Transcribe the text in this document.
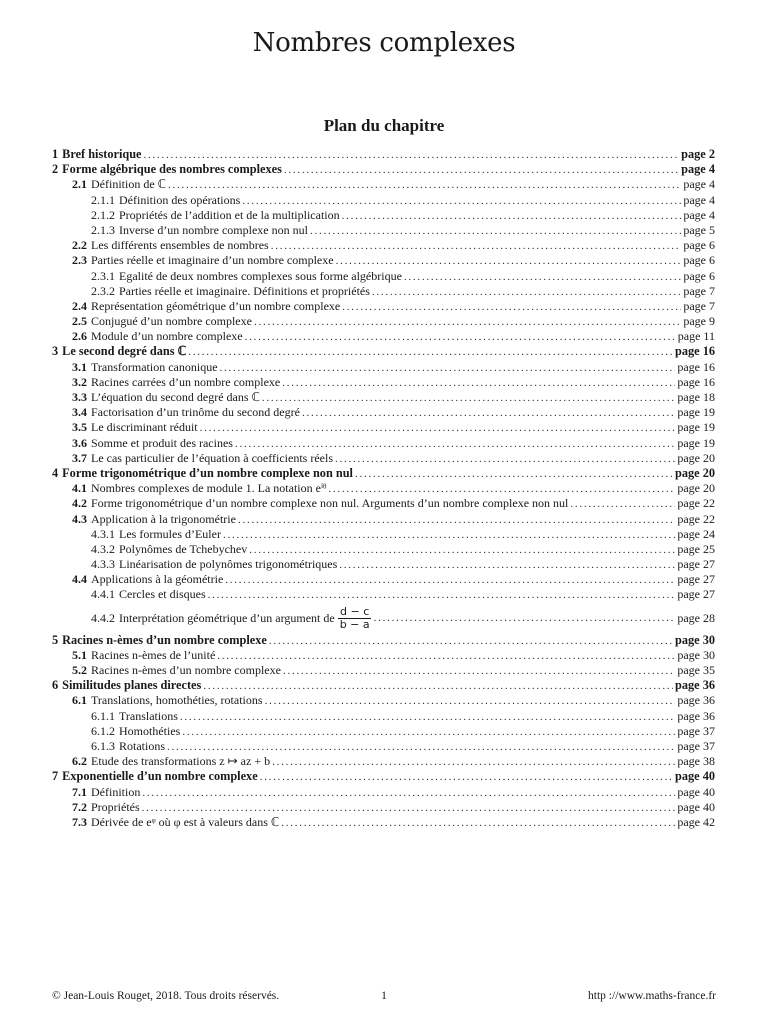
Nombres complexes
Plan du chapitre
1 Bref historique . . .	page 2
2 Forme algébrique des nombres complexes . . .	page 4
2.1 Définition de ℂ . . .	page 4
2.1.1 Définition des opérations . . .	page 4
2.1.2 Propriétés de l’addition et de la multiplication . . .	page 4
2.1.3 Inverse d’un nombre complexe non nul . . .	page 5
2.2 Les différents ensembles de nombres . . .	page 6
2.3 Parties réelle et imaginaire d’un nombre complexe . . .	page 6
2.3.1 Egalité de deux nombres complexes sous forme algébrique . . .	page 6
2.3.2 Parties réelle et imaginaire. Définitions et propriétés . . .	page 7
2.4 Représentation géométrique d’un nombre complexe . . .	page 7
2.5 Conjugué d’un nombre complexe . . .	page 9
2.6 Module d’un nombre complexe . . .	page 11
3 Le second degré dans ℂ . . .	page 16
3.1 Transformation canonique . . .	page 16
3.2 Racines carrées d’un nombre complexe . . .	page 16
3.3 L’équation du second degré dans ℂ . . .	page 18
3.4 Factorisation d’un trinôme du second degré . . .	page 19
3.5 Le discriminant réduit . . .	page 19
3.6 Somme et produit des racines . . .	page 19
3.7 Le cas particulier de l’équation à coefficients réels . . .	page 20
4 Forme trigonométrique d’un nombre complexe non nul . . .	page 20
4.1 Nombres complexes de module 1. La notation eⁱᶿ . . .	page 20
4.2 Forme trigonométrique d’un nombre complexe non nul. Arguments d’un nombre complexe non nul . . .	page 22
4.3 Application à la trigonométrie . . .	page 22
4.3.1 Les formules d’Euler . . .	page 24
4.3.2 Polynômes de Tchebychev . . .	page 25
4.3.3 Linéarisation de polynômes trigonométriques . . .	page 27
4.4 Applications à la géométrie . . .	page 27
4.4.1 Cercles et disques . . .	page 27
4.4.2 Interprétation géométrique d’un argument de $\frac{d - c}{b - a}$ . . .	page 28
5 Racines n-èmes d’un nombre complexe . . .	page 30
5.1 Racines n-èmes de l’unité . . .	page 30
5.2 Racines n-èmes d’un nombre complexe . . .	page 35
6 Similitudes planes directes . . .	page 36
6.1 Translations, homothéties, rotations . . .	page 36
6.1.1 Translations . . .	page 36
6.1.2 Homothéties . . .	page 37
6.1.3 Rotations . . .	page 37
6.2 Etude des transformations z ↦ az + b . . .	page 38
7 Exponentielle d’un nombre complexe . . .	page 40
7.1 Définition . . .	page 40
7.2 Propriétés . . .	page 40
7.3 Dérivée de eᵠ où φ est à valeurs dans ℂ . . .	page 42
© Jean-Louis Rouget, 2018. Tous droits réservés.	1	http ://www.maths-france.fr
